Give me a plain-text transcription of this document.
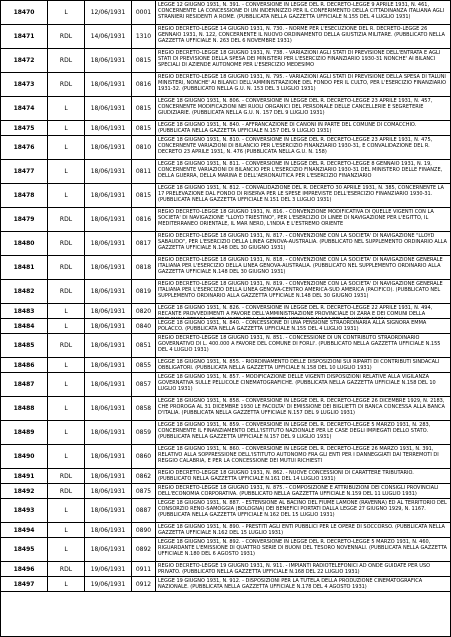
18470	L	12/06/1931	0001
LEGGE 12 GIUGNO 1931, N. 391. - CONVERSIONE IN LEGGE DEL R. DECRETO-LEGGE 9 APRILE 1931, N. 461, CONCERNENTE LA CONCESSIONE DI UN INDENNIZZO PER IL CONFERIMENTO DELLA CITTADINANZA ITALIANA AGLI STRANIERI RESIDENTI A ROME. (PUBBLICATA NELLA GAZZETTA UFFICIALE N.155 DEL 4 LUGLIO 1931)
18471	RDL	14/06/1931	1310
REGIO DECRETO-LEGGE 14 GIUGNO 1931, N. 730. - NORME PER L'ESECUZIONE DEL R. DECRETO-LEGGE 26 GENNAIO 1931, N. 122, CONCERNENTE IL NUOVO ORDINAMENTO DELLA GIUSTIZIA MILITARE. (PUBBLICATO NELLA GAZZETTA UFFICIALE N. 263 DEL 6 NOVEMBRE 1931)
18472	RDL	18/06/1931	0815
REGIO DECRETO-LEGGE 18 GIUGNO 1931, N. 738. - VARIAZIONI AGLI STATI DI PREVISIONE DELL'ENTRATA E AGLI STATI DI PREVISIONE DELLA SPESA DEI MINISTERI PER L'ESERCIZIO FINANZIARIO 1930-31 NONCHE' AI BILANCI SPECIALI DI AZIENDE AUTONOME PER L'ESERCIZIO MEDESIMO
18473	RDL	18/06/1931	0816
REGIO DECRETO-LEGGE 18 GIUGNO 1931, N. 795. - VARIAZIONI AGLI STATI DI PREVISIONE DELLA SPESA DI TALUNI MINISTERI, NONCHE' AI BILANCI DELL'AMMINISTRAZIONE DEL FONDO PER IL CULTO, PER L'ESERCIZIO FINANZIARIO 1931-32. (PUBBLICATO NELLA G.U. N. 153 DEL 3 LUGLIO 1931)
18474	L	18/06/1931	0815
LEGGE 18 GIUGNO 1931, N. 806. - CONVERSIONE IN LEGGE DEL R. DECRETO-LEGGE 23 APRILE 1931, N. 457, CONCERNENTE MODIFICAZIONI NEI RUOLI ORGANICI DEL PERSONALE DELLE CANCELLERIE E SEGRETERIE GIUDIZIARIE. (PUBBLICATA NELLA G.U. N. 157 DEL 9 LUGLIO 1931)
18475	L	18/06/1931	0815	LEGGE 18 GIUGNO 1931, N. 840. - AFFRANCAZIONE DI CANONI IN PARTE DEL COMUNE DI COMACCHIO. (PUBBLICATA NELLA GAZZETTA UFFICIALE N.157 DEL 9 LUGLIO 1931)
18476	L	18/06/1931	0810
LEGGE 18 GIUGNO 1931, N. 810. - CONVERSIONE IN LEGGE DEL R. DECRETO-LEGGE 23 APRILE 1931, N. 475, CONCERNENTE VARIAZIONI DI BILANCIO PER L'ESERCIZIO FINANZIARIO 1930-31, E CONVALIDAZIONE DEL R. DECRETO 23 APRILE 1931, N. 476 (PUBBLICATA NELLA G.U. N. 158)
18477	L	18/06/1931	0811
LEGGE 18 GIUGNO 1931, N. 811. - CONVERSIONE IN LEGGE DEL R. DECRETO-LEGGE 8 GENNAIO 1931, N. 19, CONCERNENTE VARIAZIONI DI BILANCIO PER L'ESERCIZIO FINANZIARIO 1930-31 DEL MINISTERO DELLE FINANZE, DELLA GUERRA, DELLA MARINA E DELL'AERONAUTICA PER L'ESERCIZIO FINANZIARIO
18478	L	18/06/1931	0815
LEGGE 18 GIUGNO 1931, N. 812. - CONVALIDAZIONE DEL R. DECRETO 30 APRILE 1931, N. 385, CONCERNENTE LA 17 PRELEVAZIONE DAL FONDO DI RISERVA PER LE SPESE IMPREVISTE DELL'ESERCIZIO FINANZIARIO 1930-31. (PUBBLICATA NELLA GAZZETTA UFFICIALE N.151 DEL 3 LUGLIO 1931)
18479	RDL	18/06/1931	0816
REGIO DECRETO-LEGGE 18 GIUGNO 1931, N. 816. - CONVENZIONE MODIFICATIVA DI QUELLE VIGENTI CON LA SOCIETA' DI NAVIGAZIONE "LLOYD TRIESTINO", PER L'ESERCIZIO DI LINEE DI NAVIGAZIONE PER L'EGITTO, IL MEDITERRANEO ORIENTALE, IL MAR NERO, L'INDIA E L'ESTREMO ORIENTE
18480	RDL	18/06/1931	0817
REGIO DECRETO-LEGGE 18 GIUGNO 1931, N. 817. - CONVENZIONE CON LA SOCIETA' DI NAVIGAZIONE "LLOYD SABAUDO", PER L'ESERCIZIO DELLA LINEA GENOVA-AUSTRALIA. (PUBBLICATO NEL SUPPLEMENTO ORDINARIO ALLA GAZZETTA UFFICIALE N.148 DEL 30 GIUGNO 1931)
18481	RDL	18/06/1931	0818
REGIO DECRETO-LEGGE 18 GIUGNO 1931, N. 818. - CONVENZIONE CON LA SOCIETA' DI NAVIGAZIONE GENERALE ITALIANA PER L'ESERCIZIO DELLA LINEA GENOVA-AUSTRALIA. (PUBBLICATO NEL SUPPLEMENTO ORDINARIO ALLA GAZZETTA UFFICIALE N.148 DEL 30 GIUGNO 1931)
18482	RDL	18/06/1931	0819
REGIO DECRETO-LEGGE 18 GIUGNO 1931, N. 819. - CONVENZIONE CON LA SOCIETA' DI NAVIGAZIONE GENERALE ITALIANA PER L'ESERCIZIO DELLA LINEA GENOVA-CENTRO AMERICA-SUD AMERICA (PACIFICO). (PUBBLICATO NEL SUPPLEMENTO ORDINARIO ALLA GAZZETTA UFFICIALE N.148 DEL 30 GIUGNO 1931)
18483	L	18/06/1931	0820	LEGGE 18 GIUGNO 1931, N. 826. - CONVERSIONE IN LEGGE DEL R. DECRETO-LEGGE 22 APRILE 1931, N. 494, RECANTE PROVVEDIMENTI A FAVORE DELL'AMMINISTRAZIONE PROVINCIALE DI ZARA E DEI COMUNI DELLA
18484	L	18/06/1931	0840	LEGGE 18 GIUGNO 1931, N. 840. - CONCESSIONE DI UNA PENSIONE STRAORDINARIA ALLA SIGNORA EMMA POLACCO. (PUBBLICATA NELLA GAZZETTA UFFICIALE N.155 DEL 4 LUGLIO 1931)
18485	RDL	18/06/1931	0851
REGIO DECRETO-LEGGE 18 GIUGNO 1931, N. 851. - CONCESSIONE DI UN CONTRIBUTO STRAORDINARIO GOVERNATIVO DI L. 400.000 A FAVORE DEL COMUNE DI FORLI'. (PUBBLICATO NELLA GAZZETTA UFFICIALE N.155 DEL 4 LUGLIO 1931)
18486	L	18/06/1931	0855	LEGGE 18 GIUGNO 1931, N. 855. - RIORDINAMENTO DELLE DISPOSIZIONI SUI RIPARTI DI CONTRIBUTI SINDACALI OBBLIGATORI. (PUBBLICATA NELLA GAZZETTA UFFICIALE N.158 DEL 10 LUGLIO 1931)
18487	L	18/06/1931	0857
LEGGE 18 GIUGNO 1931, N. 857. - MODIFICAZIONE DELLE VIGENTI DISPOSIZIONI RELATIVE ALLA VIGILANZA GOVERNATIVA SULLE PELLICOLE CINEMATOGRAFICHE. (PUBBLICATA NELLA GAZZETTA UFFICIALE N.158 DEL 10 LUGLIO 1931)
18488	L	18/06/1931	0858
LEGGE 18 GIUGNO 1931, N. 858. - CONVERSIONE IN LEGGE DEL R. DECRETO-LEGGE 26 DICEMBRE 1929, N. 2183, CHE PROROGA AL 31 DICEMBRE 1930 LE FACOLTA' DI EMISSIONE DEI BIGLIETTI DI BANCA CONCESSA ALLA BANCA D'ITALIA. (PUBBLICATA NELLA GAZZETTA UFFICIALE N.157 DEL 9 LUGLIO 1931)
18489	L	18/06/1931	0859
LEGGE 18 GIUGNO 1931, N. 859. - CONVERSIONE IN LEGGE DEL R. DECRETO-LEGGE 5 MARZO 1931, N. 283, CONCERNENTE IL FINANZIAMENTO DELL'ISTITUTO NAZIONALE PER LE CASE DEGLI IMPIEGATI DELLO STATO. (PUBBLICATA NELLA GAZZETTA UFFICIALE N.157 DEL 9 LUGLIO 1931)
18490	L	18/06/1931	0860
LEGGE 18 GIUGNO 1931, N. 860. - CONVERSIONE IN LEGGE DEL R. DECRETO-LEGGE 26 MARZO 1931, N. 391, RELATIVO ALLA SOPPRESSIONE DELL'ISTITUTO AUTONOMO FRA GLI ENTI PER I DANNEGGIATI DAI TERREMOTI DI REGGIO CALABRIA, E PER LA CONCESSIONE DEI MUTUI RICHIESTI
18491	RDL	18/06/1931	0862	REGIO DECRETO-LEGGE 18 GIUGNO 1931, N. 862. - NUOVE CONCESSIONI DI CARATTERE TRIBUTARIO. (PUBBLICATO NELLA GAZZETTA UFFICIALE N.161 DEL 14 LUGLIO 1931)
18492	RDL	18/06/1931	0875	REGIO DECRETO-LEGGE 18 GIUGNO 1931, N. 875. - COMPOSIZIONE E ATTRIBUZIONI DEI CONSIGLI PROVINCIALI DELL'ECONOMIA CORPORATIVA. (PUBBLICATO NELLA GAZZETTA UFFICIALE N.159 DEL 11 LUGLIO 1931)
18493	L	18/06/1931	0887
LEGGE 18 GIUGNO 1931, N. 887. - ESTENSIONE AL BACINO DEL FIUME LAMONE (RAVENNA) ED AL TERRITORIO DEL CONSORZIO RENO-SAMOGGIA (BOLOGNA) DEI BENEFICI PORTATI DALLA LEGGE 27 GIUGNO 1929, N. 1167. (PUBBLICATA NELLA GAZZETTA UFFICIALE N.162 DEL 15 LUGLIO 1931)
18494	L	18/06/1931	0890	LEGGE 18 GIUGNO 1931, N. 890. - PRESTITI AGLI ENTI PUBBLICI PER LE OPERE DI SOCCORSO. (PUBBLICATA NELLA GAZZETTA UFFICIALE N.162 DEL 15 LUGLIO 1931)
18495	L	18/06/1931	0892
LEGGE 18 GIUGNO 1931, N. 892. - CONVERSIONE IN LEGGE DEL R. DECRETO-LEGGE 5 MARZO 1931, N. 460, RIGUARDANTE L'EMISSIONE DI QUATTRO SERIE DI BUONI DEL TESORO NOVENNALI. (PUBBLICATA NELLA GAZZETTA UFFICIALE N.180 DEL 6 AGOSTO 1931)
18496	RDL	19/06/1931	0911	REGIO DECRETO-LEGGE 19 GIUGNO 1931, N. 911. - IMPIANTI RADIOTELEFONICI AD ONDE GUIDATE PER USO PRIVATO. (PUBBLICATO NELLA GAZZETTA UFFICIALE N.168 DEL 22 LUGLIO 1931)
18497	L	19/06/1931	0912	LEGGE 19 GIUGNO 1931, N. 912. - DISPOSIZIONI PER LA TUTELA DELLA PRODUZIONE CINEMATOGRAFICA NAZIONALE. (PUBBLICATA NELLA GAZZETTA UFFICIALE N.178 DEL 4 AGOSTO 1931)
